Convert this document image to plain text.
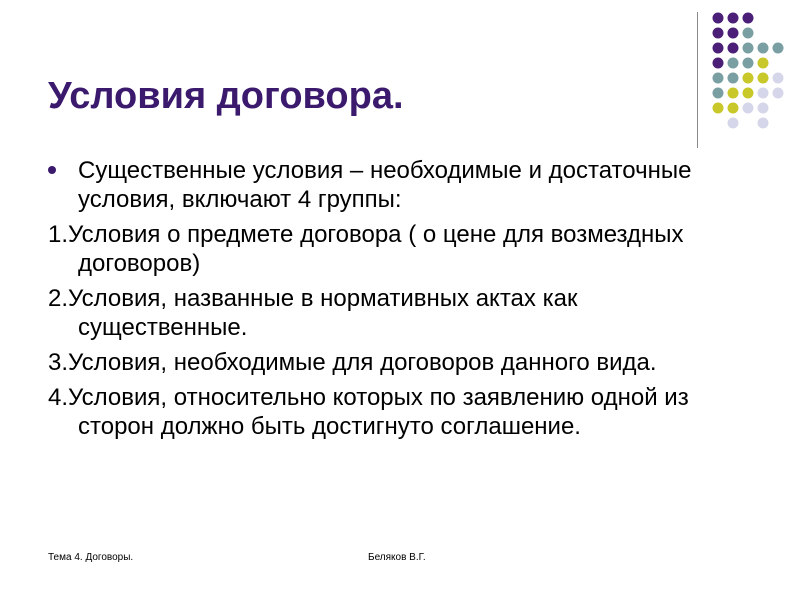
Условия договора.
Существенные условия – необходимые и достаточные условия, включают 4 группы:
1.Условия о предмете договора ( о цене для возмездных договоров)
2.Условия, названные в нормативных актах как существенные.
3.Условия, необходимые для договоров данного вида.
4.Условия, относительно которых по заявлению одной из сторон должно быть достигнуто соглашение.
Тема 4. Договоры.	Беляков В.Г.
